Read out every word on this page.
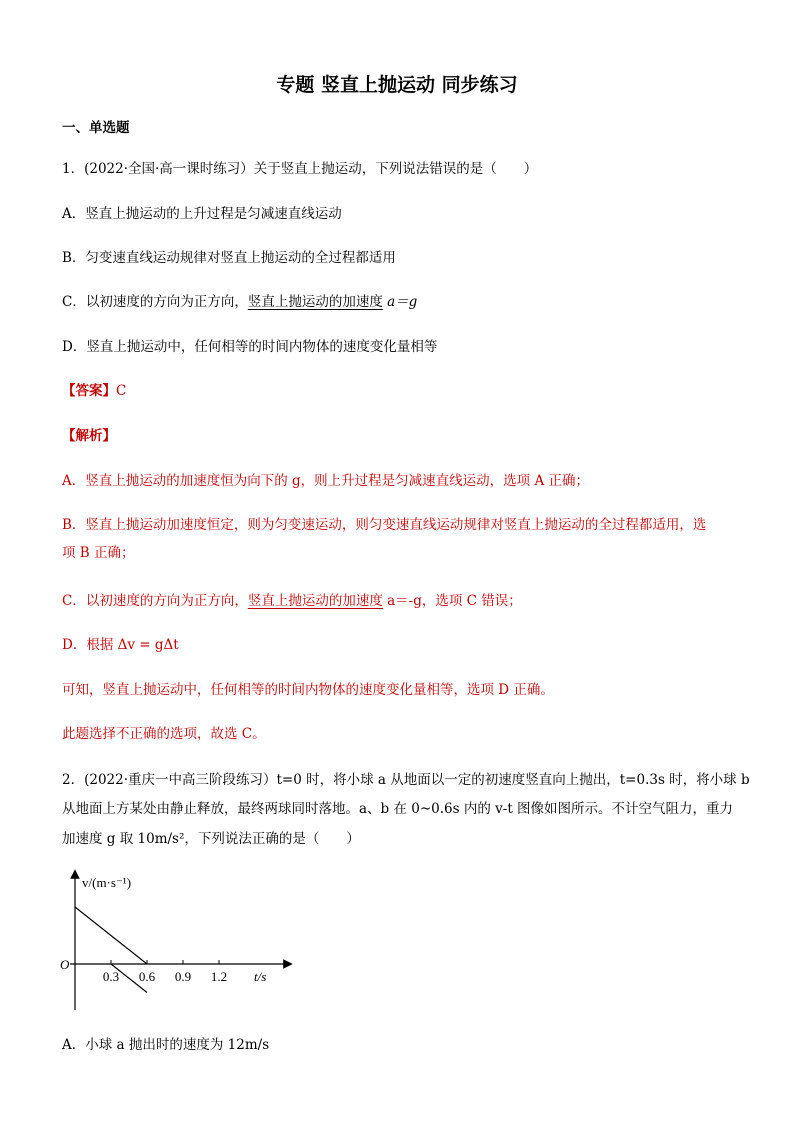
专题 竖直上抛运动 同步练习
一、单选题
1．(2022·全国·高一课时练习）关于竖直上抛运动，下列说法错误的是（　　）
A．竖直上抛运动的上升过程是匀减速直线运动
B．匀变速直线运动规律对竖直上抛运动的全过程都适用
C．以初速度的方向为正方向，竖直上抛运动的加速度 a＝g
D．竖直上抛运动中，任何相等的时间内物体的速度变化量相等
【答案】C
【解析】
A．竖直上抛运动的加速度恒为向下的 g，则上升过程是匀减速直线运动，选项 A 正确；
B．竖直上抛运动加速度恒定，则为匀变速运动，则匀变速直线运动规律对竖直上抛运动的全过程都适用，选
项 B 正确；
C．以初速度的方向为正方向，竖直上抛运动的加速度 a＝-g，选项 C 错误；
D．根据 Δv = gΔt
可知，竖直上抛运动中，任何相等的时间内物体的速度变化量相等，选项 D 正确。
此题选择不正确的选项，故选 C。
2．(2022·重庆一中高三阶段练习）t=0 时，将小球 a 从地面以一定的初速度竖直向上抛出，t=0.3s 时，将小球 b
从地面上方某处由静止释放，最终两球同时落地。a、b 在 0~0.6s 内的 v-t 图像如图所示。不计空气阻力，重力
加速度 g 取 10m/s²，下列说法正确的是（　　）
v/(m·s⁻¹)
t/s
O
0.3 0.6 0.9 1.2
A．小球 a 抛出时的速度为 12m/s
